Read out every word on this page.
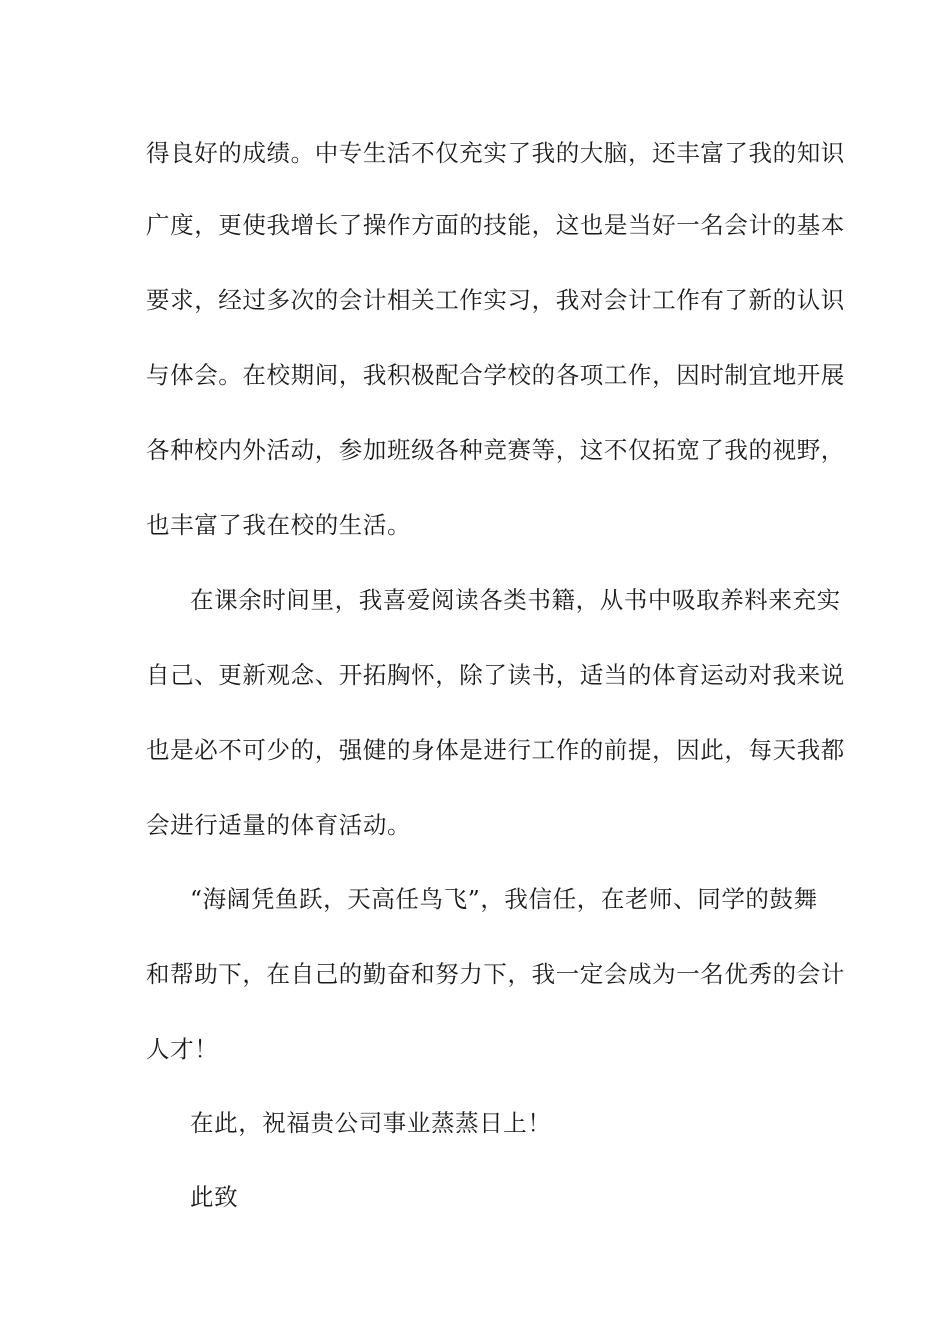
得良好的成绩。中专生活不仅充实了我的大脑，还丰富了我的知识
广度，更使我增长了操作方面的技能，这也是当好一名会计的基本
要求，经过多次的会计相关工作实习，我对会计工作有了新的认识
与体会。在校期间，我积极配合学校的各项工作，因时制宜地开展
各种校内外活动，参加班级各种竞赛等，这不仅拓宽了我的视野，
也丰富了我在校的生活。
在课余时间里，我喜爱阅读各类书籍，从书中吸取养料来充实
自己、更新观念、开拓胸怀，除了读书，适当的体育运动对我来说
也是必不可少的，强健的身体是进行工作的前提，因此，每天我都
会进行适量的体育活动。
“海阔凭鱼跃，天高任鸟飞”，我信任，在老师、同学的鼓舞
和帮助下，在自己的勤奋和努力下，我一定会成为一名优秀的会计
人才！
在此，祝福贵公司事业蒸蒸日上！
此致
